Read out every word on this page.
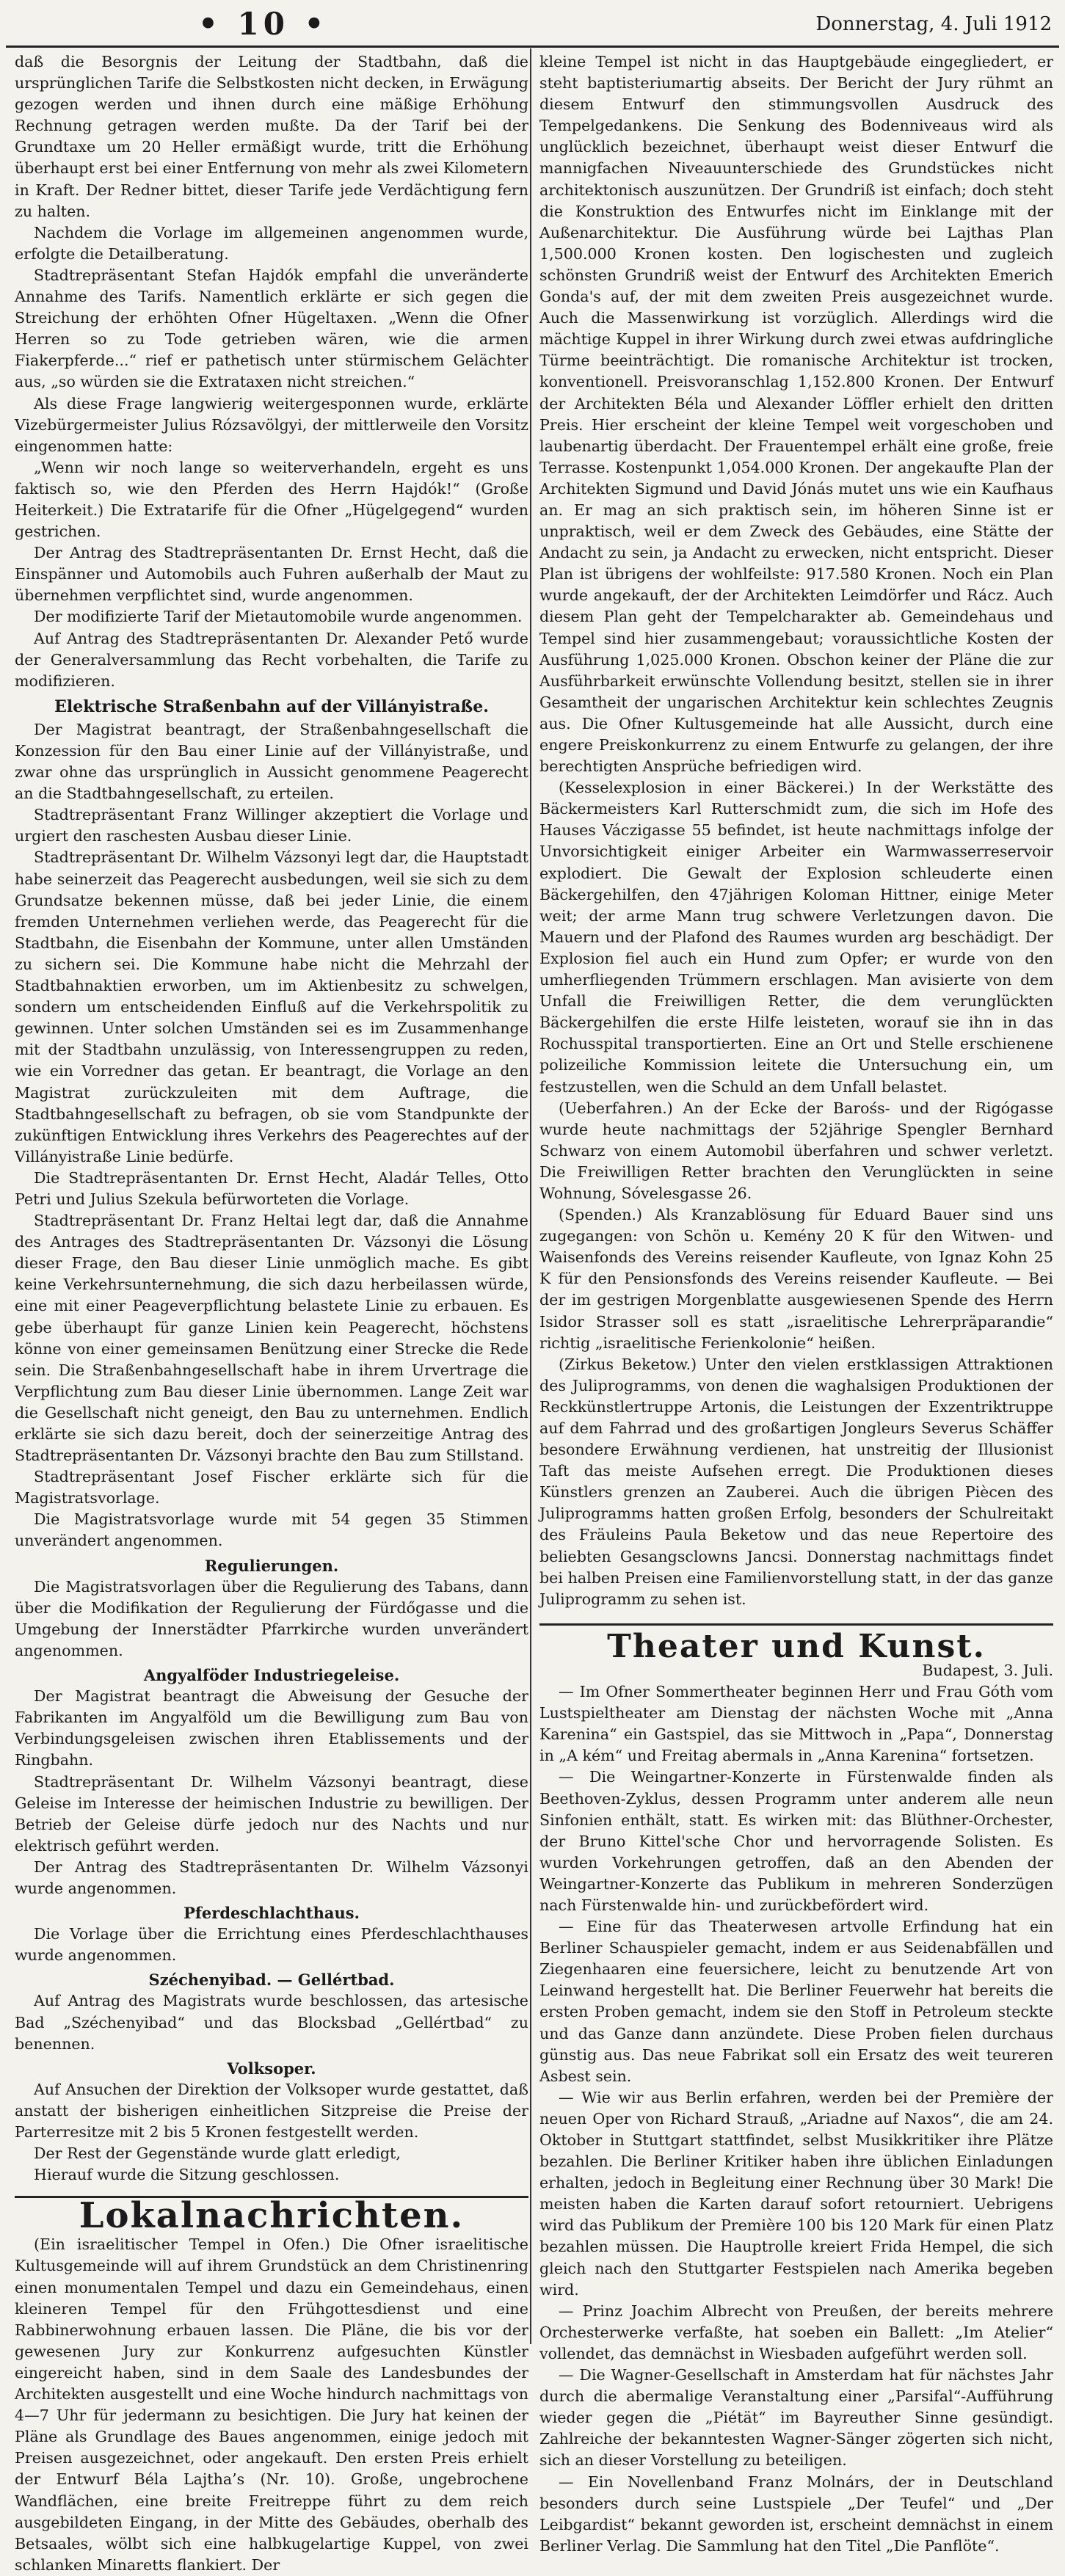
• 10 •	Donnerstag, 4. Juli 1912

daß die Besorgnis der Leitung der Stadtbahn, daß die ursprünglichen Tarife die Selbstkosten nicht decken, in Erwägung gezogen werden und ihnen durch eine mäßige Erhöhung Rechnung getragen werden mußte. Da der Tarif bei der Grundtaxe um 20 Heller ermäßigt wurde, tritt die Erhöhung überhaupt erst bei einer Entfernung von mehr als zwei Kilometern in Kraft. Der Redner bittet, dieser Tarife jede Verdächtigung fern zu halten.

Nachdem die Vorlage im allgemeinen angenommen wurde, erfolgte die Detailberatung.

Stadtrepräsentant Stefan Hajdók empfahl die unveränderte Annahme des Tarifs. Namentlich erklärte er sich gegen die Streichung der erhöhten Ofner Hügeltaxen. „Wenn die Ofner Herren so zu Tode getrieben wären, wie die armen Fiakerpferde...“ rief er pathetisch unter stürmischem Gelächter aus, „so würden sie die Extrataxen nicht streichen.“

Als diese Frage langwierig weitergesponnen wurde, erklärte Vizebürgermeister Julius Rózsavölgyi, der mittlerweile den Vorsitz eingenommen hatte:

„Wenn wir noch lange so weiterverhandeln, ergeht es uns faktisch so, wie den Pferden des Herrn Hajdók!“ (Große Heiterkeit.) Die Extratarife für die Ofner „Hügelgegend“ wurden gestrichen.

Der Antrag des Stadtrepräsentanten Dr. Ernst Hecht, daß die Einspänner und Automobils auch Fuhren außerhalb der Maut zu übernehmen verpflichtet sind, wurde angenommen.

Der modifizierte Tarif der Mietautomobile wurde angenommen.

Auf Antrag des Stadtrepräsentanten Dr. Alexander Pető wurde der Generalversammlung das Recht vorbehalten, die Tarife zu modifizieren.

Elektrische Straßenbahn auf der Villányistraße.

Der Magistrat beantragt, der Straßenbahngesellschaft die Konzession für den Bau einer Linie auf der Villányistraße, und zwar ohne das ursprünglich in Aussicht genommene Peagerecht an die Stadtbahngesellschaft, zu erteilen.

Stadtrepräsentant Franz Willinger akzeptiert die Vorlage und urgiert den raschesten Ausbau dieser Linie.

Stadtrepräsentant Dr. Wilhelm Vázsonyi legt dar, die Hauptstadt habe seinerzeit das Peagerecht ausbedungen, weil sie sich zu dem Grundsatze bekennen müsse, daß bei jeder Linie, die einem fremden Unternehmen verliehen werde, das Peagerecht für die Stadtbahn, die Eisenbahn der Kommune, unter allen Umständen zu sichern sei. Die Kommune habe nicht die Mehrzahl der Stadtbahnaktien erworben, um im Aktienbesitz zu schwelgen, sondern um entscheidenden Einfluß auf die Verkehrspolitik zu gewinnen. Unter solchen Umständen sei es im Zusammenhange mit der Stadtbahn unzulässig, von Interessengruppen zu reden, wie ein Vorredner das getan. Er beantragt, die Vorlage an den Magistrat zurückzuleiten mit dem Auftrage, die Stadtbahngesellschaft zu befragen, ob sie vom Standpunkte der zukünftigen Entwicklung ihres Verkehrs des Peagerechtes auf der Villányistraße Linie bedürfe.

Die Stadtrepräsentanten Dr. Ernst Hecht, Aladár Telles, Otto Petri und Julius Szekula befürworteten die Vorlage.

Stadtrepräsentant Dr. Franz Heltai legt dar, daß die Annahme des Antrages des Stadtrepräsentanten Dr. Vázsonyi die Lösung dieser Frage, den Bau dieser Linie unmöglich mache. Es gibt keine Verkehrsunternehmung, die sich dazu herbeilassen würde, eine mit einer Peageverpflichtung belastete Linie zu erbauen. Es gebe überhaupt für ganze Linien kein Peagerecht, höchstens könne von einer gemeinsamen Benützung einer Strecke die Rede sein. Die Straßenbahngesellschaft habe in ihrem Urvertrage die Verpflichtung zum Bau dieser Linie übernommen. Lange Zeit war die Gesellschaft nicht geneigt, den Bau zu unternehmen. Endlich erklärte sie sich dazu bereit, doch der seinerzeitige Antrag des Stadtrepräsentanten Dr. Vázsonyi brachte den Bau zum Stillstand.

Stadtrepräsentant Josef Fischer erklärte sich für die Magistratsvorlage.

Die Magistratsvorlage wurde mit 54 gegen 35 Stimmen unverändert angenommen.

Regulierungen.

Die Magistratsvorlagen über die Regulierung des Tabans, dann über die Modifikation der Regulierung der Fürdőgasse und die Umgebung der Innerstädter Pfarrkirche wurden unverändert angenommen.

Angyalföder Industriegeleise.

Der Magistrat beantragt die Abweisung der Gesuche der Fabrikanten im Angyalföld um die Bewilligung zum Bau von Verbindungsgeleisen zwischen ihren Etablissements und der Ringbahn.

Stadtrepräsentant Dr. Wilhelm Vázsonyi beantragt, diese Geleise im Interesse der heimischen Industrie zu bewilligen. Der Betrieb der Geleise dürfe jedoch nur des Nachts und nur elektrisch geführt werden.

Der Antrag des Stadtrepräsentanten Dr. Wilhelm Vázsonyi wurde angenommen.

Pferdeschlachthaus.

Die Vorlage über die Errichtung eines Pferdeschlachthauses wurde angenommen.

Széchenyibad. — Gellértbad.

Auf Antrag des Magistrats wurde beschlossen, das artesische Bad „Széchenyibad“ und das Blocksbad „Gellértbad“ zu benennen.

Volksoper.

Auf Ansuchen der Direktion der Volksoper wurde gestattet, daß anstatt der bisherigen einheitlichen Sitzpreise die Preise der Parterresitze mit 2 bis 5 Kronen festgestellt werden.

Der Rest der Gegenstände wurde glatt erledigt,

Hierauf wurde die Sitzung geschlossen.

Lokalnachrichten.

(Ein israelitischer Tempel in Ofen.) Die Ofner israelitische Kultusgemeinde will auf ihrem Grundstück an dem Christinenring einen monumentalen Tempel und dazu ein Gemeindehaus, einen kleineren Tempel für den Frühgottesdienst und eine Rabbinerwohnung erbauen lassen. Die Pläne, die bis vor der gewesenen Jury zur Konkurrenz aufgesuchten Künstler eingereicht haben, sind in dem Saale des Landesbundes der Architekten ausgestellt und eine Woche hindurch nachmittags von 4—7 Uhr für jedermann zu besichtigen. Die Jury hat keinen der Pläne als Grundlage des Baues angenommen, einige jedoch mit Preisen ausgezeichnet, oder angekauft. Den ersten Preis erhielt der Entwurf Béla Lajtha’s (Nr. 10). Große, ungebrochene Wandflächen, eine breite Freitreppe führt zu dem reich ausgebildeten Eingang, in der Mitte des Gebäudes, oberhalb des Betsaales, wölbt sich eine halbkugelartige Kuppel, von zwei schlanken Minaretts flankiert. Der

kleine Tempel ist nicht in das Hauptgebäude eingegliedert, er steht baptisteriumartig abseits. Der Bericht der Jury rühmt an diesem Entwurf den stimmungsvollen Ausdruck des Tempelgedankens. Die Senkung des Bodenniveaus wird als unglücklich bezeichnet, überhaupt weist dieser Entwurf die mannigfachen Niveauunterschiede des Grundstückes nicht architektonisch auszunützen. Der Grundriß ist einfach; doch steht die Konstruktion des Entwurfes nicht im Einklange mit der Außenarchitektur. Die Ausführung würde bei Lajthas Plan 1,500.000 Kronen kosten. Den logischesten und zugleich schönsten Grundriß weist der Entwurf des Architekten Emerich Gonda's auf, der mit dem zweiten Preis ausgezeichnet wurde. Auch die Massenwirkung ist vorzüglich. Allerdings wird die mächtige Kuppel in ihrer Wirkung durch zwei etwas aufdringliche Türme beeinträchtigt. Die romanische Architektur ist trocken, konventionell. Preisvoranschlag 1,152.800 Kronen. Der Entwurf der Architekten Béla und Alexander Löffler erhielt den dritten Preis. Hier erscheint der kleine Tempel weit vorgeschoben und laubenartig überdacht. Der Frauentempel erhält eine große, freie Terrasse. Kostenpunkt 1,054.000 Kronen. Der angekaufte Plan der Architekten Sigmund und David Jónás mutet uns wie ein Kaufhaus an. Er mag an sich praktisch sein, im höheren Sinne ist er unpraktisch, weil er dem Zweck des Gebäudes, eine Stätte der Andacht zu sein, ja Andacht zu erwecken, nicht entspricht. Dieser Plan ist übrigens der wohlfeilste: 917.580 Kronen. Noch ein Plan wurde angekauft, der der Architekten Leimdörfer und Rácz. Auch diesem Plan geht der Tempelcharakter ab. Gemeindehaus und Tempel sind hier zusammengebaut; voraussichtliche Kosten der Ausführung 1,025.000 Kronen. Obschon keiner der Pläne die zur Ausführbarkeit erwünschte Vollendung besitzt, stellen sie in ihrer Gesamtheit der ungarischen Architektur kein schlechtes Zeugnis aus. Die Ofner Kultusgemeinde hat alle Aussicht, durch eine engere Preiskonkurrenz zu einem Entwurfe zu gelangen, der ihre berechtigten Ansprüche befriedigen wird.

(Kesselexplosion in einer Bäckerei.) In der Werkstätte des Bäckermeisters Karl Rutterschmidt zum, die sich im Hofe des Hauses Váczigasse 55 befindet, ist heute nachmittags infolge der Unvorsichtigkeit einiger Arbeiter ein Warmwasserreservoir explodiert. Die Gewalt der Explosion schleuderte einen Bäckergehilfen, den 47jährigen Koloman Hittner, einige Meter weit; der arme Mann trug schwere Verletzungen davon. Die Mauern und der Plafond des Raumes wurden arg beschädigt. Der Explosion fiel auch ein Hund zum Opfer; er wurde von den umherfliegenden Trümmern erschlagen. Man avisierte von dem Unfall die Freiwilligen Retter, die dem verunglückten Bäckergehilfen die erste Hilfe leisteten, worauf sie ihn in das Rochusspital transportierten. Eine an Ort und Stelle erschienene polizeiliche Kommission leitete die Untersuchung ein, um festzustellen, wen die Schuld an dem Unfall belastet.

(Ueberfahren.) An der Ecke der Barośs- und der Rigógasse wurde heute nachmittags der 52jährige Spengler Bernhard Schwarz von einem Automobil überfahren und schwer verletzt. Die Freiwilligen Retter brachten den Verunglückten in seine Wohnung, Sóvelesgasse 26.

(Spenden.) Als Kranzablösung für Eduard Bauer sind uns zugegangen: von Schön u. Kemény 20 K für den Witwen- und Waisenfonds des Vereins reisender Kaufleute, von Ignaz Kohn 25 K für den Pensionsfonds des Vereins reisender Kaufleute. — Bei der im gestrigen Morgenblatte ausgewiesenen Spende des Herrn Isidor Strasser soll es statt „israelitische Lehrerpräparandie“ richtig „israelitische Ferienkolonie“ heißen.

(Zirkus Beketow.) Unter den vielen erstklassigen Attraktionen des Juliprogramms, von denen die waghalsigen Produktionen der Reckkünstlertruppe Artonis, die Leistungen der Exzentriktruppe auf dem Fahrrad und des großartigen Jongleurs Severus Schäffer besondere Erwähnung verdienen, hat unstreitig der Illusionist Taft das meiste Aufsehen erregt. Die Produktionen dieses Künstlers grenzen an Zauberei. Auch die übrigen Piècen des Juliprogramms hatten großen Erfolg, besonders der Schulreitakt des Fräuleins Paula Beketow und das neue Repertoire des beliebten Gesangsclowns Jancsi. Donnerstag nachmittags findet bei halben Preisen eine Familienvorstellung statt, in der das ganze Juliprogramm zu sehen ist.

Theater und Kunst.

Budapest, 3. Juli.

— Im Ofner Sommertheater beginnen Herr und Frau Góth vom Lustspieltheater am Dienstag der nächsten Woche mit „Anna Karenina“ ein Gastspiel, das sie Mittwoch in „Papa“, Donnerstag in „A kém“ und Freitag abermals in „Anna Karenina“ fortsetzen.

— Die Weingartner-Konzerte in Fürstenwalde finden als Beethoven-Zyklus, dessen Programm unter anderem alle neun Sinfonien enthält, statt. Es wirken mit: das Blüthner-Orchester, der Bruno Kittel'sche Chor und hervorragende Solisten. Es wurden Vorkehrungen getroffen, daß an den Abenden der Weingartner-Konzerte das Publikum in mehreren Sonderzügen nach Fürstenwalde hin- und zurückbefördert wird.

— Eine für das Theaterwesen artvolle Erfindung hat ein Berliner Schauspieler gemacht, indem er aus Seidenabfällen und Ziegenhaaren eine feuersichere, leicht zu benutzende Art von Leinwand hergestellt hat. Die Berliner Feuerwehr hat bereits die ersten Proben gemacht, indem sie den Stoff in Petroleum steckte und das Ganze dann anzündete. Diese Proben fielen durchaus günstig aus. Das neue Fabrikat soll ein Ersatz des weit teureren Asbest sein.

— Wie wir aus Berlin erfahren, werden bei der Première der neuen Oper von Richard Strauß, „Ariadne auf Naxos“, die am 24. Oktober in Stuttgart stattfindet, selbst Musikkritiker ihre Plätze bezahlen. Die Berliner Kritiker haben ihre üblichen Einladungen erhalten, jedoch in Begleitung einer Rechnung über 30 Mark! Die meisten haben die Karten darauf sofort retourniert. Uebrigens wird das Publikum der Première 100 bis 120 Mark für einen Platz bezahlen müssen. Die Hauptrolle kreiert Frida Hempel, die sich gleich nach den Stuttgarter Festspielen nach Amerika begeben wird.

— Prinz Joachim Albrecht von Preußen, der bereits mehrere Orchesterwerke verfaßte, hat soeben ein Ballett: „Im Atelier“ vollendet, das demnächst in Wiesbaden aufgeführt werden soll.

— Die Wagner-Gesellschaft in Amsterdam hat für nächstes Jahr durch die abermalige Veranstaltung einer „Parsifal“-Aufführung wieder gegen die „Piétät“ im Bayreuther Sinne gesündigt. Zahlreiche der bekanntesten Wagner-Sänger zögerten sich nicht, sich an dieser Vorstellung zu beteiligen.

— Ein Novellenband Franz Molnárs, der in Deutschland besonders durch seine Lustspiele „Der Teufel“ und „Der Leibgardist“ bekannt geworden ist, erscheint demnächst in einem Berliner Verlag. Die Sammlung hat den Titel „Die Panflöte“.
